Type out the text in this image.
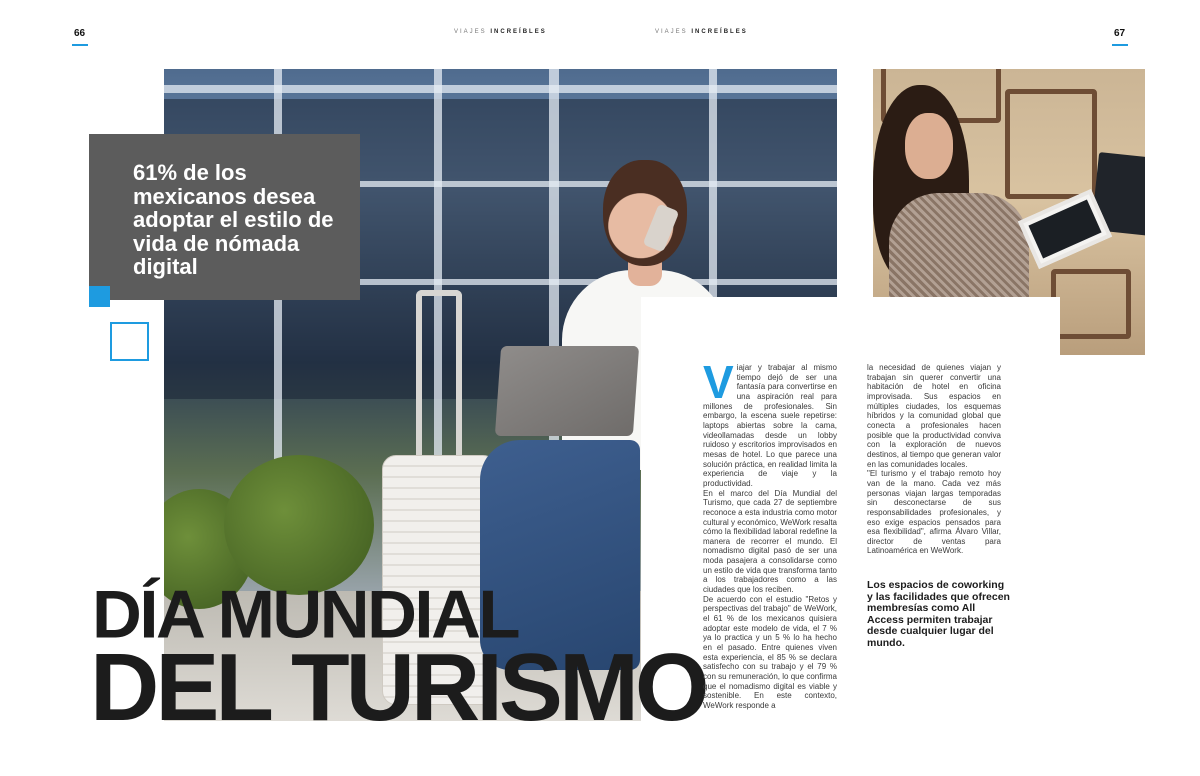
66	VIAJES INCREÍBLES	VIAJES INCREÍBLES	67
61% de los mexicanos desea adoptar el estilo de vida de nómada digital
DÍA MUNDIAL
DEL TURISMO

Viajar y trabajar al mismo tiempo dejó de ser una fantasía para convertirse en una aspiración real para millones de profesionales. Sin embargo, la escena suele repetirse: laptops abiertas sobre la cama, videollamadas desde un lobby ruidoso y escritorios improvisados en mesas de hotel. Lo que parece una solución práctica, en realidad limita la experiencia de viaje y la productividad.

En el marco del Día Mundial del Turismo, que cada 27 de septiembre reconoce a esta industria como motor cultural y económico, WeWork resalta cómo la flexibilidad laboral redefine la manera de recorrer el mundo. El nomadismo digital pasó de ser una moda pasajera a consolidarse como un estilo de vida que transforma tanto a los trabajadores como a las ciudades que los reciben.

De acuerdo con el estudio "Retos y perspectivas del trabajo" de WeWork, el 61 % de los mexicanos quisiera adoptar este modelo de vida, el 7 % ya lo practica y un 5 % lo ha hecho en el pasado. Entre quienes viven esta experiencia, el 85 % se declara satisfecho con su trabajo y el 79 % con su remuneración, lo que confirma que el nomadismo digital es viable y sostenible. En este contexto, WeWork responde a

la necesidad de quienes viajan y trabajan sin querer convertir una habitación de hotel en oficina improvisada. Sus espacios en múltiples ciudades, los esquemas híbridos y la comunidad global que conecta a profesionales hacen posible que la productividad conviva con la exploración de nuevos destinos, al tiempo que generan valor en las comunidades locales.

"El turismo y el trabajo remoto hoy van de la mano. Cada vez más personas viajan largas temporadas sin desconectarse de sus responsabilidades profesionales, y eso exige espacios pensados para esa flexibilidad", afirma Álvaro Villar, director de ventas para Latinoamérica en WeWork.

Los espacios de coworking y las facilidades que ofrecen membresías como All Access permiten trabajar desde cualquier lugar del mundo.
